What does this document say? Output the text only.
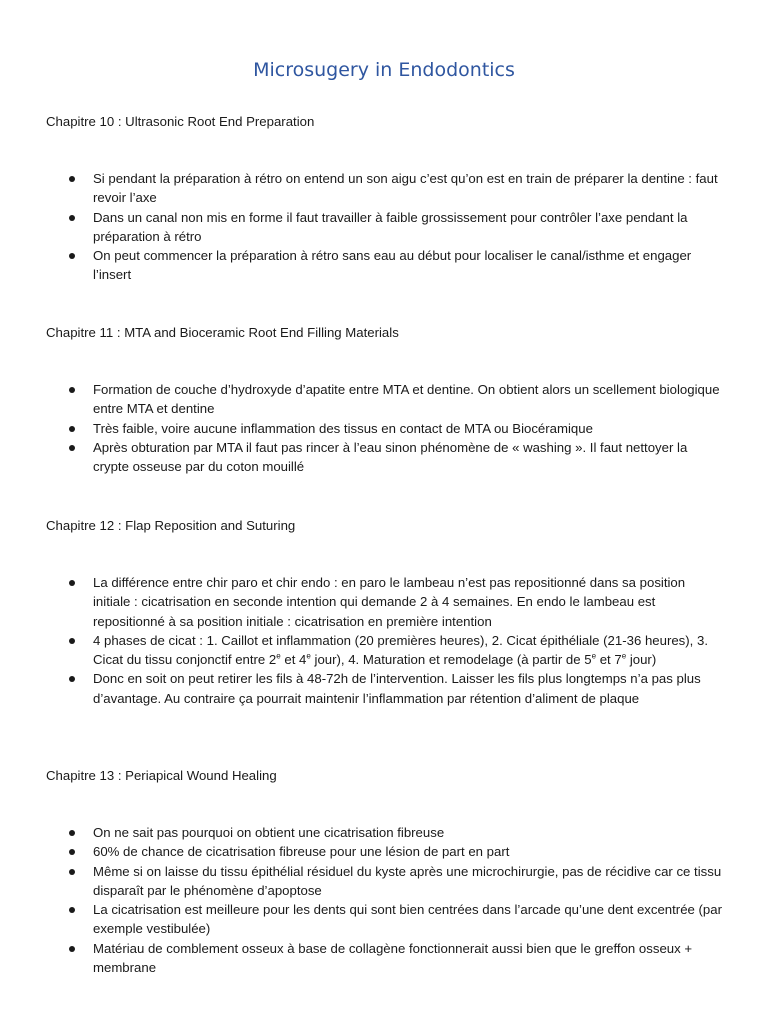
Microsugery in Endodontics
Chapitre 10 : Ultrasonic Root End Preparation
Si pendant la préparation à rétro on entend un son aigu c’est qu’on est en train de préparer la dentine : faut revoir l’axe
Dans un canal non mis en forme il faut travailler à faible grossissement pour contrôler l’axe pendant la préparation à rétro
On peut commencer la préparation à rétro sans eau au début pour localiser le canal/isthme et engager l’insert
Chapitre 11 : MTA and Bioceramic Root End Filling Materials
Formation de couche d’hydroxyde d’apatite entre MTA et dentine. On obtient alors un scellement biologique entre MTA et dentine
Très faible, voire aucune inflammation des tissus en contact de MTA ou Biocéramique
Après obturation par MTA il faut pas rincer à l’eau sinon phénomène de « washing ». Il faut nettoyer la crypte osseuse par du coton mouillé
Chapitre 12 : Flap Reposition and Suturing
La différence entre chir paro et chir endo : en paro le lambeau n’est pas repositionné dans sa position initiale : cicatrisation en seconde intention qui demande 2 à 4 semaines. En endo le lambeau est repositionné à sa position initiale : cicatrisation en première intention
4 phases de cicat : 1. Caillot et inflammation (20 premières heures), 2. Cicat épithéliale (21-36 heures), 3. Cicat du tissu conjonctif entre 2e et 4e jour), 4. Maturation et remodelage (à partir de 5e et 7e jour)
Donc en soit on peut retirer les fils à 48-72h de l’intervention. Laisser les fils plus longtemps n’a pas plus d’avantage. Au contraire ça pourrait maintenir l’inflammation par rétention d’aliment de plaque
Chapitre 13 : Periapical Wound Healing
On ne sait pas pourquoi on obtient une cicatrisation fibreuse
60% de chance de cicatrisation fibreuse pour une lésion de part en part
Même si on laisse du tissu épithélial résiduel du kyste après une microchirurgie, pas de récidive car ce tissu disparaît par le phénomène d’apoptose
La cicatrisation est meilleure pour les dents qui sont bien centrées dans l’arcade qu’une dent excentrée (par exemple vestibulée)
Matériau de comblement osseux à base de collagène fonctionnerait aussi bien que le greffon osseux + membrane
